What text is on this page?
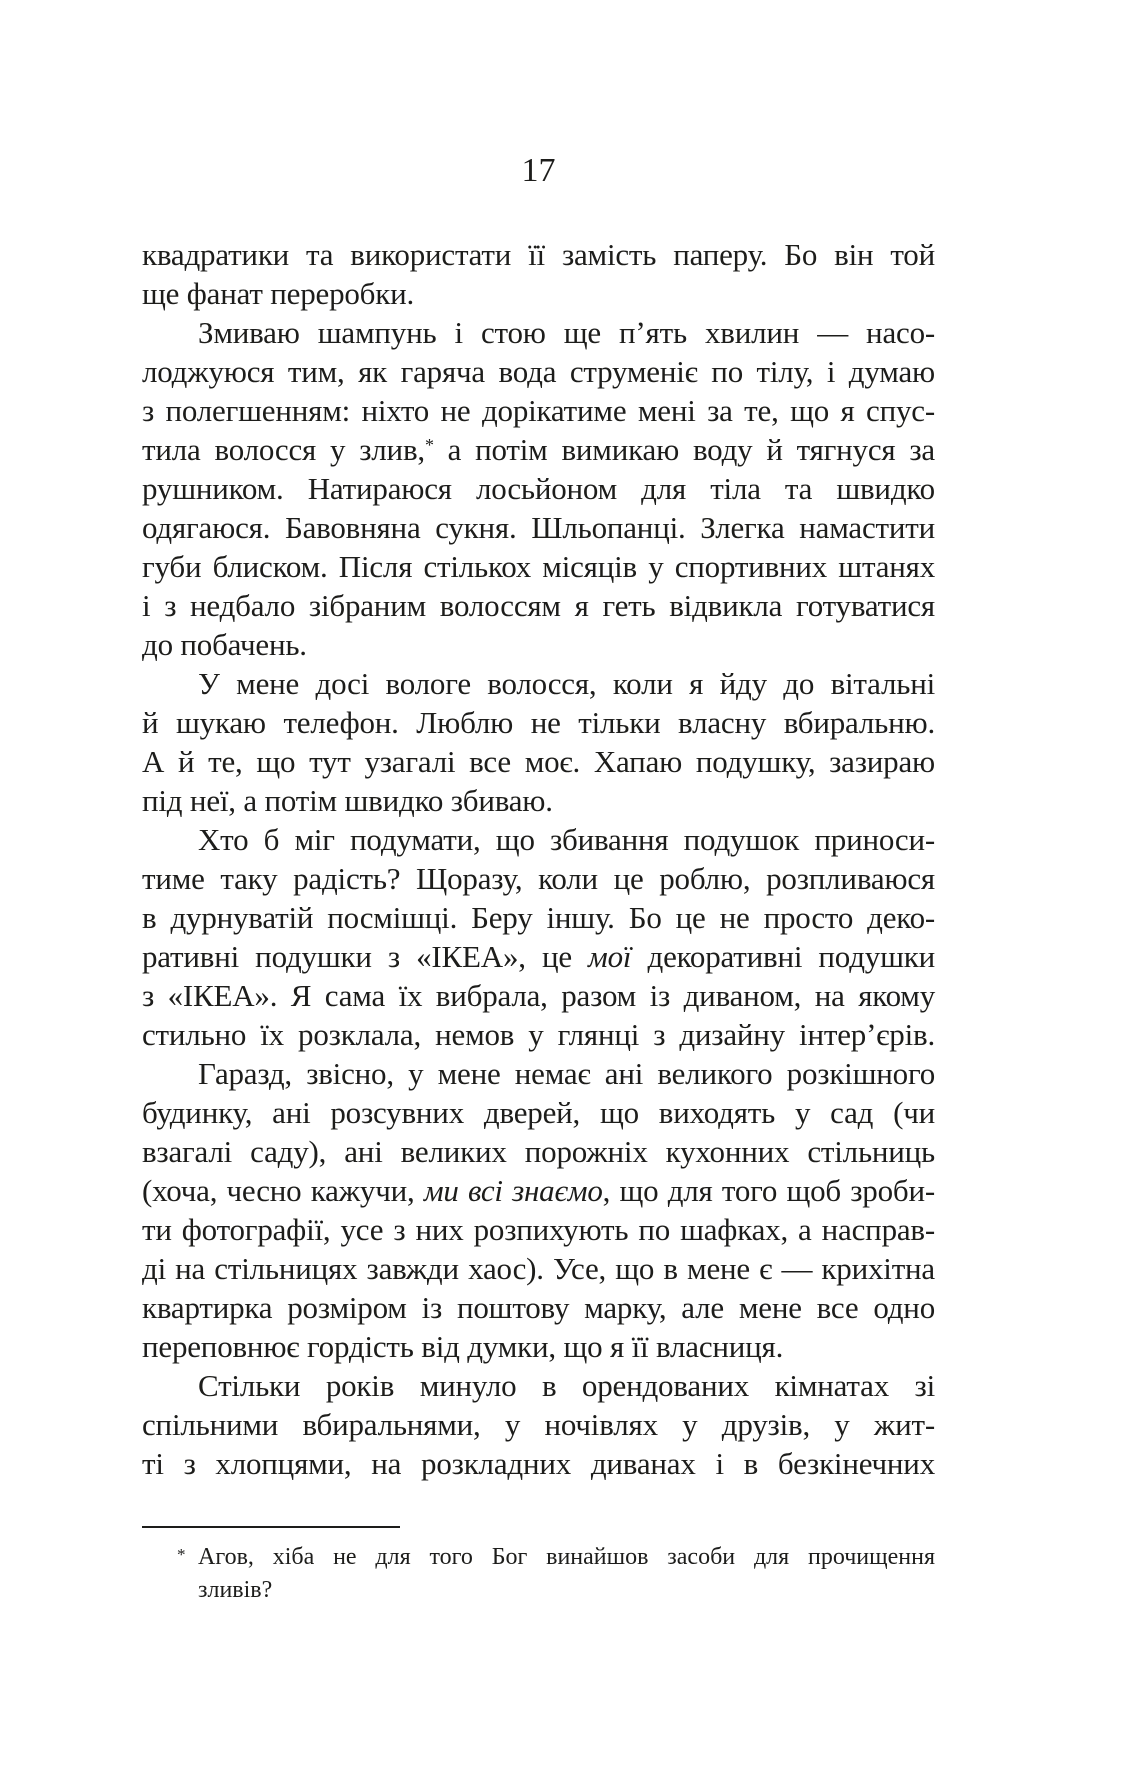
17
квадратики та використати її замість паперу. Бо він той
ще фанат переробки.
Змиваю шампунь і стою ще пʼять хвилин — насо-
лоджуюся тим, як гаряча вода струменіє по тілу, і думаю
з полегшенням: ніхто не дорікатиме мені за те, що я спус-
тила волосся у злив,* а потім вимикаю воду й тягнуся за
рушником. Натираюся лосьйоном для тіла та швидко
одягаюся. Бавовняна сукня. Шльопанці. Злегка намастити
губи блиском. Після стількох місяців у спортивних штанях
і з недбало зібраним волоссям я геть відвикла готуватися
до побачень.
У мене досі вологе волосся, коли я йду до вітальні
й шукаю телефон. Люблю не тільки власну вбиральню.
А й те, що тут узагалі все моє. Хапаю подушку, зазираю
під неї, а потім швидко збиваю.
Хто б міг подумати, що збивання подушок приноси-
тиме таку радість? Щоразу, коли це роблю, розпливаюся
в дурнуватій посмішці. Беру іншу. Бо це не просто деко-
ративні подушки з «ІКЕА», це мої декоративні подушки
з «ІКЕА». Я сама їх вибрала, разом із диваном, на якому
стильно їх розклала, немов у глянці з дизайну інтерʼєрів.
Гаразд, звісно, у мене немає ані великого розкішного
будинку, ані розсувних дверей, що виходять у сад (чи
взагалі саду), ані великих порожніх кухонних стільниць
(хоча, чесно кажучи, ми всі знаємо, що для того щоб зроби-
ти фотографії, усе з них розпихують по шафках, а насправ-
ді на стільницях завжди хаос). Усе, що в мене є — крихітна
квартирка розміром із поштову марку, але мене все одно
переповнює гордість від думки, що я її власниця.
Стільки років минуло в орендованих кімнатах зі
спільними вбиральнями, у ночівлях у друзів, у жит-
ті з хлопцями, на розкладних диванах і в безкінечних
* Агов, хіба не для того Бог винайшов засоби для прочищення
зливів?
